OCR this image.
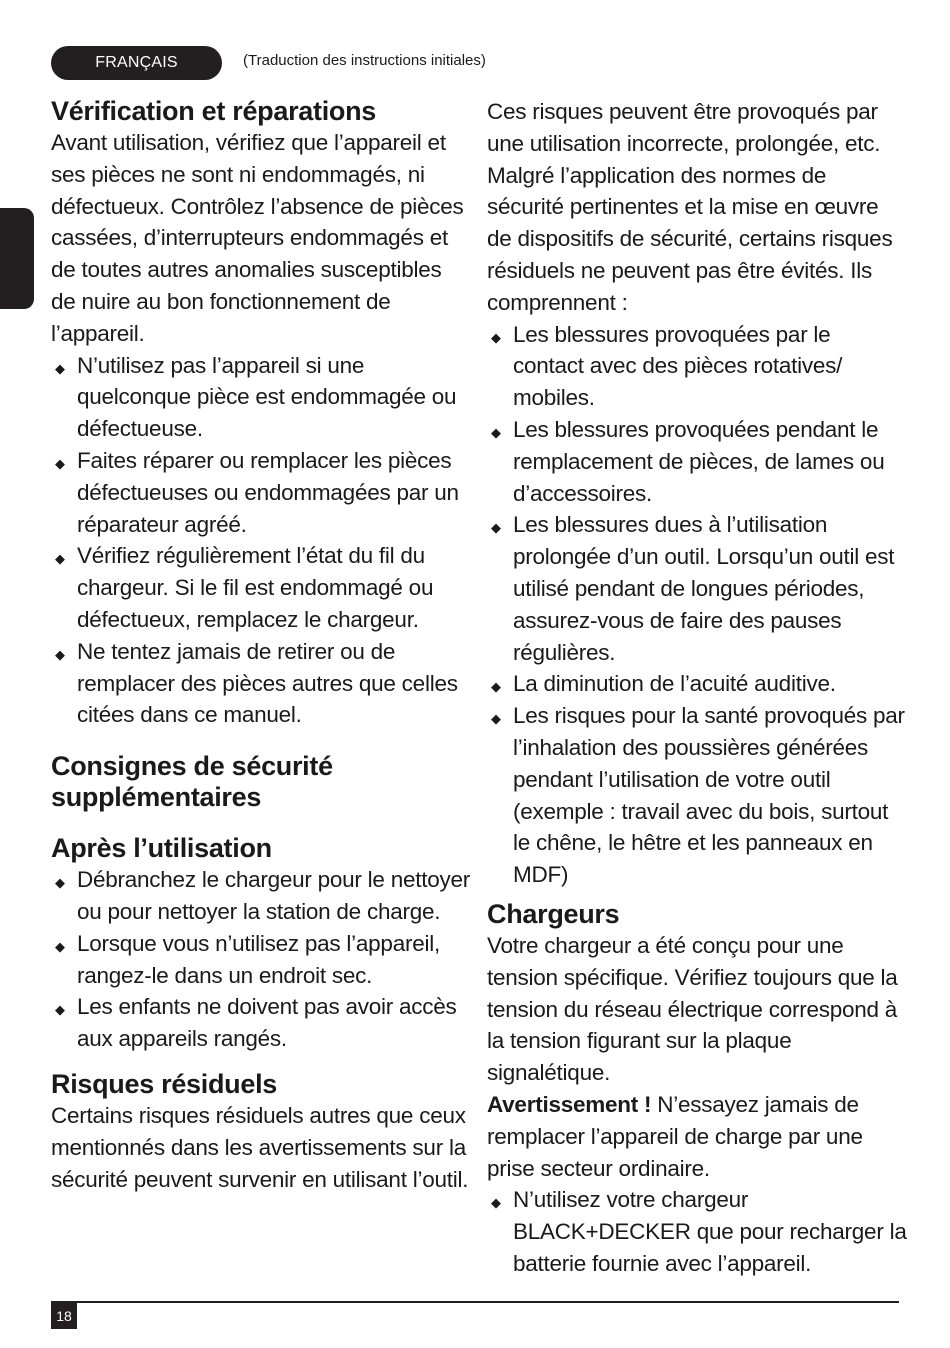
FRANÇAIS	(Traduction des instructions initiales)
Vérification et réparations

Avant utilisation, vérifiez que l’appareil et ses pièces ne sont ni endommagés, ni défectueux. Contrôlez l’absence de pièces cassées, d’interrupteurs endommagés et de toutes autres anomalies susceptibles de nuire au bon fonctionnement de l’appareil.

◆ N’utilisez pas l’appareil si une quelconque pièce est endommagée ou défectueuse.
◆ Faites réparer ou remplacer les pièces défectueuses ou endommagées par un réparateur agréé.
◆ Vérifiez régulièrement l’état du fil du chargeur. Si le fil est endommagé ou défectueux, remplacez le chargeur.
◆ Ne tentez jamais de retirer ou de remplacer des pièces autres que celles citées dans ce manuel.
Consignes de sécurité supplémentaires
Après l’utilisation
◆ Débranchez le chargeur pour le nettoyer ou pour nettoyer la station de charge.
◆ Lorsque vous n’utilisez pas l’appareil, rangez-le dans un endroit sec.
◆ Les enfants ne doivent pas avoir accès aux appareils rangés.
Risques résiduels

Certains risques résiduels autres que ceux mentionnés dans les avertissements sur la sécurité peuvent survenir en utilisant l’outil.

Ces risques peuvent être provoqués par une utilisation incorrecte, prolongée, etc. Malgré l’application des normes de sécurité pertinentes et la mise en œuvre de dispositifs de sécurité, certains risques résiduels ne peuvent pas être évités. Ils comprennent :

◆ Les blessures provoquées par le contact avec des pièces rotatives/ mobiles.
◆ Les blessures provoquées pendant le remplacement de pièces, de lames ou d’accessoires.
◆ Les blessures dues à l’utilisation prolongée d’un outil. Lorsqu’un outil est utilisé pendant de longues périodes, assurez-vous de faire des pauses régulières.
◆ La diminution de l’acuité auditive.
◆ Les risques pour la santé provoqués par l’inhalation des poussières générées pendant l’utilisation de votre outil (exemple : travail avec du bois, surtout le chêne, le hêtre et les panneaux en MDF)
Chargeurs

Votre chargeur a été conçu pour une tension spécifique. Vérifiez toujours que la tension du réseau électrique correspond à la tension figurant sur la plaque signalétique.

Avertissement ! N’essayez jamais de remplacer l’appareil de charge par une prise secteur ordinaire.

◆ N’utilisez votre chargeur BLACK+DECKER que pour recharger la batterie fournie avec l’appareil.
18
